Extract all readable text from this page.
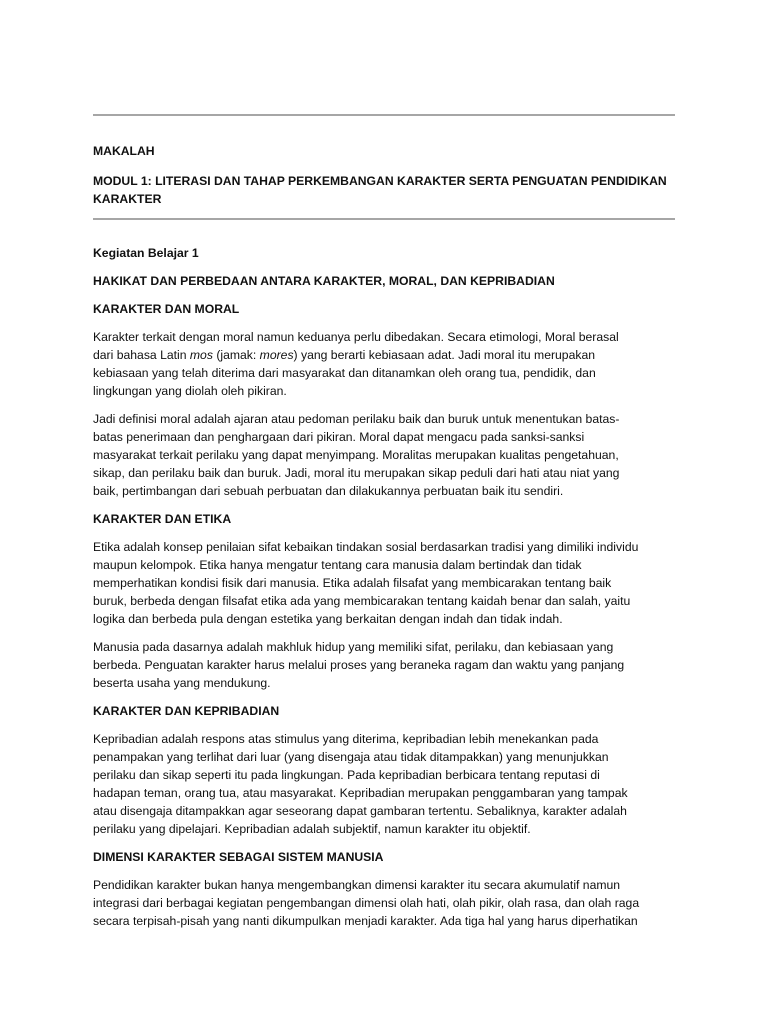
MAKALAH

MODUL 1: LITERASI DAN TAHAP PERKEMBANGAN KARAKTER SERTA PENGUATAN PENDIDIKAN

KARAKTER

Kegiatan Belajar 1

HAKIKAT DAN PERBEDAAN ANTARA KARAKTER, MORAL, DAN KEPRIBADIAN

KARAKTER DAN MORAL

Karakter terkait dengan moral namun keduanya perlu dibedakan. Secara etimologi, Moral berasal
dari bahasa Latin mos (jamak: mores) yang berarti kebiasaan adat. Jadi moral itu merupakan
kebiasaan yang telah diterima dari masyarakat dan ditanamkan oleh orang tua, pendidik, dan
lingkungan yang diolah oleh pikiran.
Jadi definisi moral adalah ajaran atau pedoman perilaku baik dan buruk untuk menentukan batas-
batas penerimaan dan penghargaan dari pikiran. Moral dapat mengacu pada sanksi-sanksi
masyarakat terkait perilaku yang dapat menyimpang. Moralitas merupakan kualitas pengetahuan,
sikap, dan perilaku baik dan buruk. Jadi, moral itu merupakan sikap peduli dari hati atau niat yang
baik, pertimbangan dari sebuah perbuatan dan dilakukannya perbuatan baik itu sendiri.

KARAKTER DAN ETIKA

Etika adalah konsep penilaian sifat kebaikan tindakan sosial berdasarkan tradisi yang dimiliki individu
maupun kelompok. Etika hanya mengatur tentang cara manusia dalam bertindak dan tidak
memperhatikan kondisi fisik dari manusia. Etika adalah filsafat yang membicarakan tentang baik
buruk, berbeda dengan filsafat etika ada yang membicarakan tentang kaidah benar dan salah, yaitu
logika dan berbeda pula dengan estetika yang berkaitan dengan indah dan tidak indah.
Manusia pada dasarnya adalah makhluk hidup yang memiliki sifat, perilaku, dan kebiasaan yang
berbeda. Penguatan karakter harus melalui proses yang beraneka ragam dan waktu yang panjang
beserta usaha yang mendukung.

KARAKTER DAN KEPRIBADIAN

Kepribadian adalah respons atas stimulus yang diterima, kepribadian lebih menekankan pada
penampakan yang terlihat dari luar (yang disengaja atau tidak ditampakkan) yang menunjukkan
perilaku dan sikap seperti itu pada lingkungan. Pada kepribadian berbicara tentang reputasi di
hadapan teman, orang tua, atau masyarakat. Kepribadian merupakan penggambaran yang tampak
atau disengaja ditampakkan agar seseorang dapat gambaran tertentu. Sebaliknya, karakter adalah
perilaku yang dipelajari. Kepribadian adalah subjektif, namun karakter itu objektif.

DIMENSI KARAKTER SEBAGAI SISTEM MANUSIA

Pendidikan karakter bukan hanya mengembangkan dimensi karakter itu secara akumulatif namun
integrasi dari berbagai kegiatan pengembangan dimensi olah hati, olah pikir, olah rasa, dan olah raga
secara terpisah-pisah yang nanti dikumpulkan menjadi karakter. Ada tiga hal yang harus diperhatikan
